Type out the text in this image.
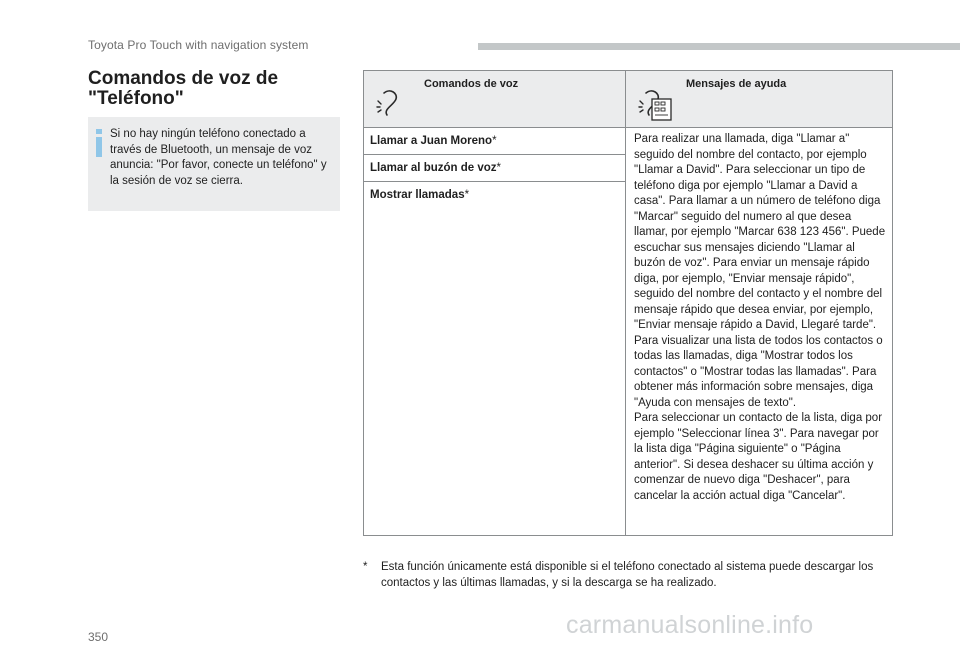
Toyota Pro Touch with navigation system
Comandos de voz de "Teléfono"

Si no hay ningún teléfono conectado a través de Bluetooth, un mensaje de voz anuncia: "Por favor, conecte un teléfono" y la sesión de voz se cierra.

Comandos de voz	Mensajes de ayuda

Llamar a Juan Moreno*	Para realizar una llamada, diga "Llamar a" seguido del nombre del contacto, por ejemplo "Llamar a David". Para seleccionar un tipo de teléfono diga por ejemplo "Llamar a David a casa". Para llamar a un número de teléfono diga "Marcar" seguido del numero al que desea llamar, por ejemplo "Marcar 638 123 456". Puede escuchar sus mensajes diciendo "Llamar al buzón de voz". Para enviar un mensaje rápido diga, por ejemplo, "Enviar mensaje rápido", seguido del nombre del contacto y el nombre del mensaje rápido que desea enviar, por ejemplo, "Enviar mensaje rápido a David, Llegaré tarde". Para visualizar una lista de todos los contactos o todas las llamadas, diga "Mostrar todos los contactos" o "Mostrar todas las llamadas". Para obtener más información sobre mensajes, diga "Ayuda con mensajes de texto".
Para seleccionar un contacto de la lista, diga por ejemplo "Seleccionar línea 3". Para navegar por la lista diga "Página siguiente" o "Página anterior". Si desea deshacer su última acción y comenzar de nuevo diga "Deshacer", para cancelar la acción actual diga "Cancelar".

Llamar al buzón de voz*	
Mostrar llamadas*	
*	Esta función únicamente está disponible si el teléfono conectado al sistema puede descargar los contactos y las últimas llamadas, y si la descarga se ha realizado.
350	carmanualsonline.info
